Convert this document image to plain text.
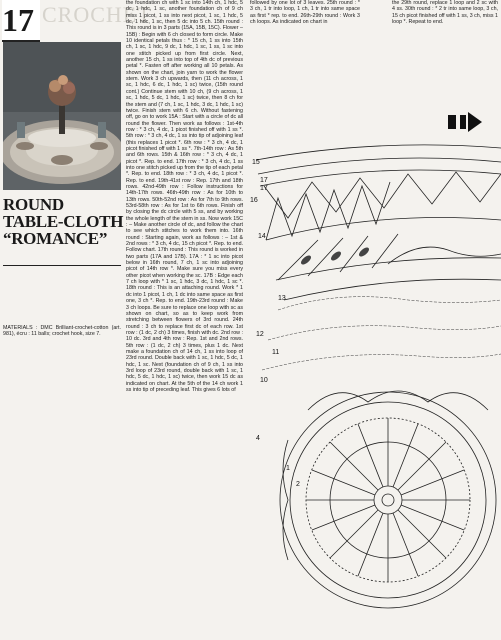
17 CROCHET
ROUND
TABLE-CLOTH
“ROMANCE”

MATERIALS : DMC Brilliant-crochet-cotton (art. 981), écru : 11 balls; crochet hook, size 7.

the foundation ch with 1 sc into 14th ch, 1 hdc, 5 dc, 1 hdc, 1 sc, another foundation ch of 9 ch miss 1 picot, 1 ss into next picot, 1 sc, 1 hdc, 5 dc, 1 hdc, 1 sc, then 5 dc into 5 ch. 15th round : This round is in 3 parts (15A, 15B, 15C). Flower –15B) : Begin with 6 ch closed to form circle. Make 10 identical petals thus : * 15 ch, 1 ss into 15th ch, 1 sc, 1 hdc, 9 dc, 1 hdc, 1 sc, 1 ss, 1 sc into one stitch picked up from first circle. Next, another 15 ch, 1 ss into top of 4th dc of previous petal *. Fasten off after working all 10 petals. As shown on the chart, join yarn to work the flower stem. Work 3 ch upwards, then (11 ch across, 1 sc, 1 hdc, 6 dc, 1 hdc, 1 sc) twice, (15th round cont.) Continue stem with 10 ch, (9 ch across, 1 sc, 1 hdc, 5 dc, 1 hdc, 1 sc) twice, then 8 ch for the stem and (7 ch, 1 sc, 1 hdc, 3 dc, 1 hdc, 1 sc) twice. Finish stem with 6 ch. Without fastening off, go on to work 15A : Start with a circle of dc all round the flower. Then work as follows : 1st-4th row : * 3 ch, 4 dc, 1 picot finished off with 1 ss *. 5th row : * 3 ch, 4 dc, 1 ss into tip of adjoining leaf (this replaces 1 picot *. 6th row : * 3 ch, 4 dc, 1 picot finished off with 1 ss *. 7th-14th row : As 5th and 6th rows. 15th & 16th row : * 3 ch, 4 dc, 1 picot *. Rep. to end. 17th row : * 3 ch, 4 dc, 1 ss into one stitch picked up from the tip of each petal *. Rep. to end. 18th row : * 3 ch, 4 dc, 1 picot *. Rep. to end. 19th-41st row : Rep. 17th and 18th rows. 42nd-49th row : Follow instructions for 14th-17th rows. 46th-49th row : As for 10th to 13th rows. 50th-52nd row : As for 7th to 9th rows. 53rd-58th row : As for 1st to 6th rows. Finish off by closing the dc circle with 5 ss, and by working the whole length of the stem in ss. Now work 15C : – Make another circle of dc, and follow the chart to see which stitches to work them into. 16th round : Starting again, work as follows : – 1st & 2nd rows : * 3 ch, 4 dc, 15 ch picot *. Rep. to end. Follow chart. 17th round : This round is worked in two parts (17A and 17B). 17A : * 1 sc into picot below in 16th round, 7 ch, 1 sc into adjoining picot of 14th row *. Make sure you miss every other picot when working the sc. 17B : Edge each 7 ch loop with * 1 sc, 1 hdc, 3 dc, 1 hdc, 1 sc *. 18th round : This is an attaching round. Work * 1 dc into 1 picot, 1 ch, 1 dc into same space as first one, 3 ch *. Rep. to end. 19th-23rd round : Make 3 ch loops. Be sure to replace one loop with sc as shown on chart, so as to keep work from stretching between flowers of 3rd round. 24th round : 3 ch to replace first dc of each row. 1st row : (1 dc, 2 ch) 3 times, finish with dc. 2nd row : 10 dc. 3rd and 4th row : Rep. 1st and 2nd rows. 5th row : (1 dc, 2 ch) 3 times, plus 1 dc. Next make a foundation ch of 14 ch, 1 ss into loop of 23rd round. Double back with 1 sc, 1 hdc, 5 dc, 1 hdc, 1 sc. Next (foundation ch of 9 ch, 1 ss into 3rd loop of 23rd round, double back with 1 sc, 1 hdc, 5 dc, 1 hdc, 1 sc) twice, then work 15 dc as indicated on chart. At the 5th of the 14 ch work 1 ss into tip of preceding leaf. This gives 6 lots of

followed by one lot of 3 leaves. 25th round : * 3 ch, 1 tr into loop, 1 ch, 1 tr into same space as first * rep. to end. 26th-29th round : Work 3 ch loops. As indicated on chart in

the 29th round, replace 1 loop and 2 sc with 4 ss. 30th round : * 2 tr into same loop, 3 ch, 15 ch picot finished off with 1 ss, 3 ch, miss 1 loop *. Repeat to end.

15
17
17
16
14
13
12
11
10
4
1
2
